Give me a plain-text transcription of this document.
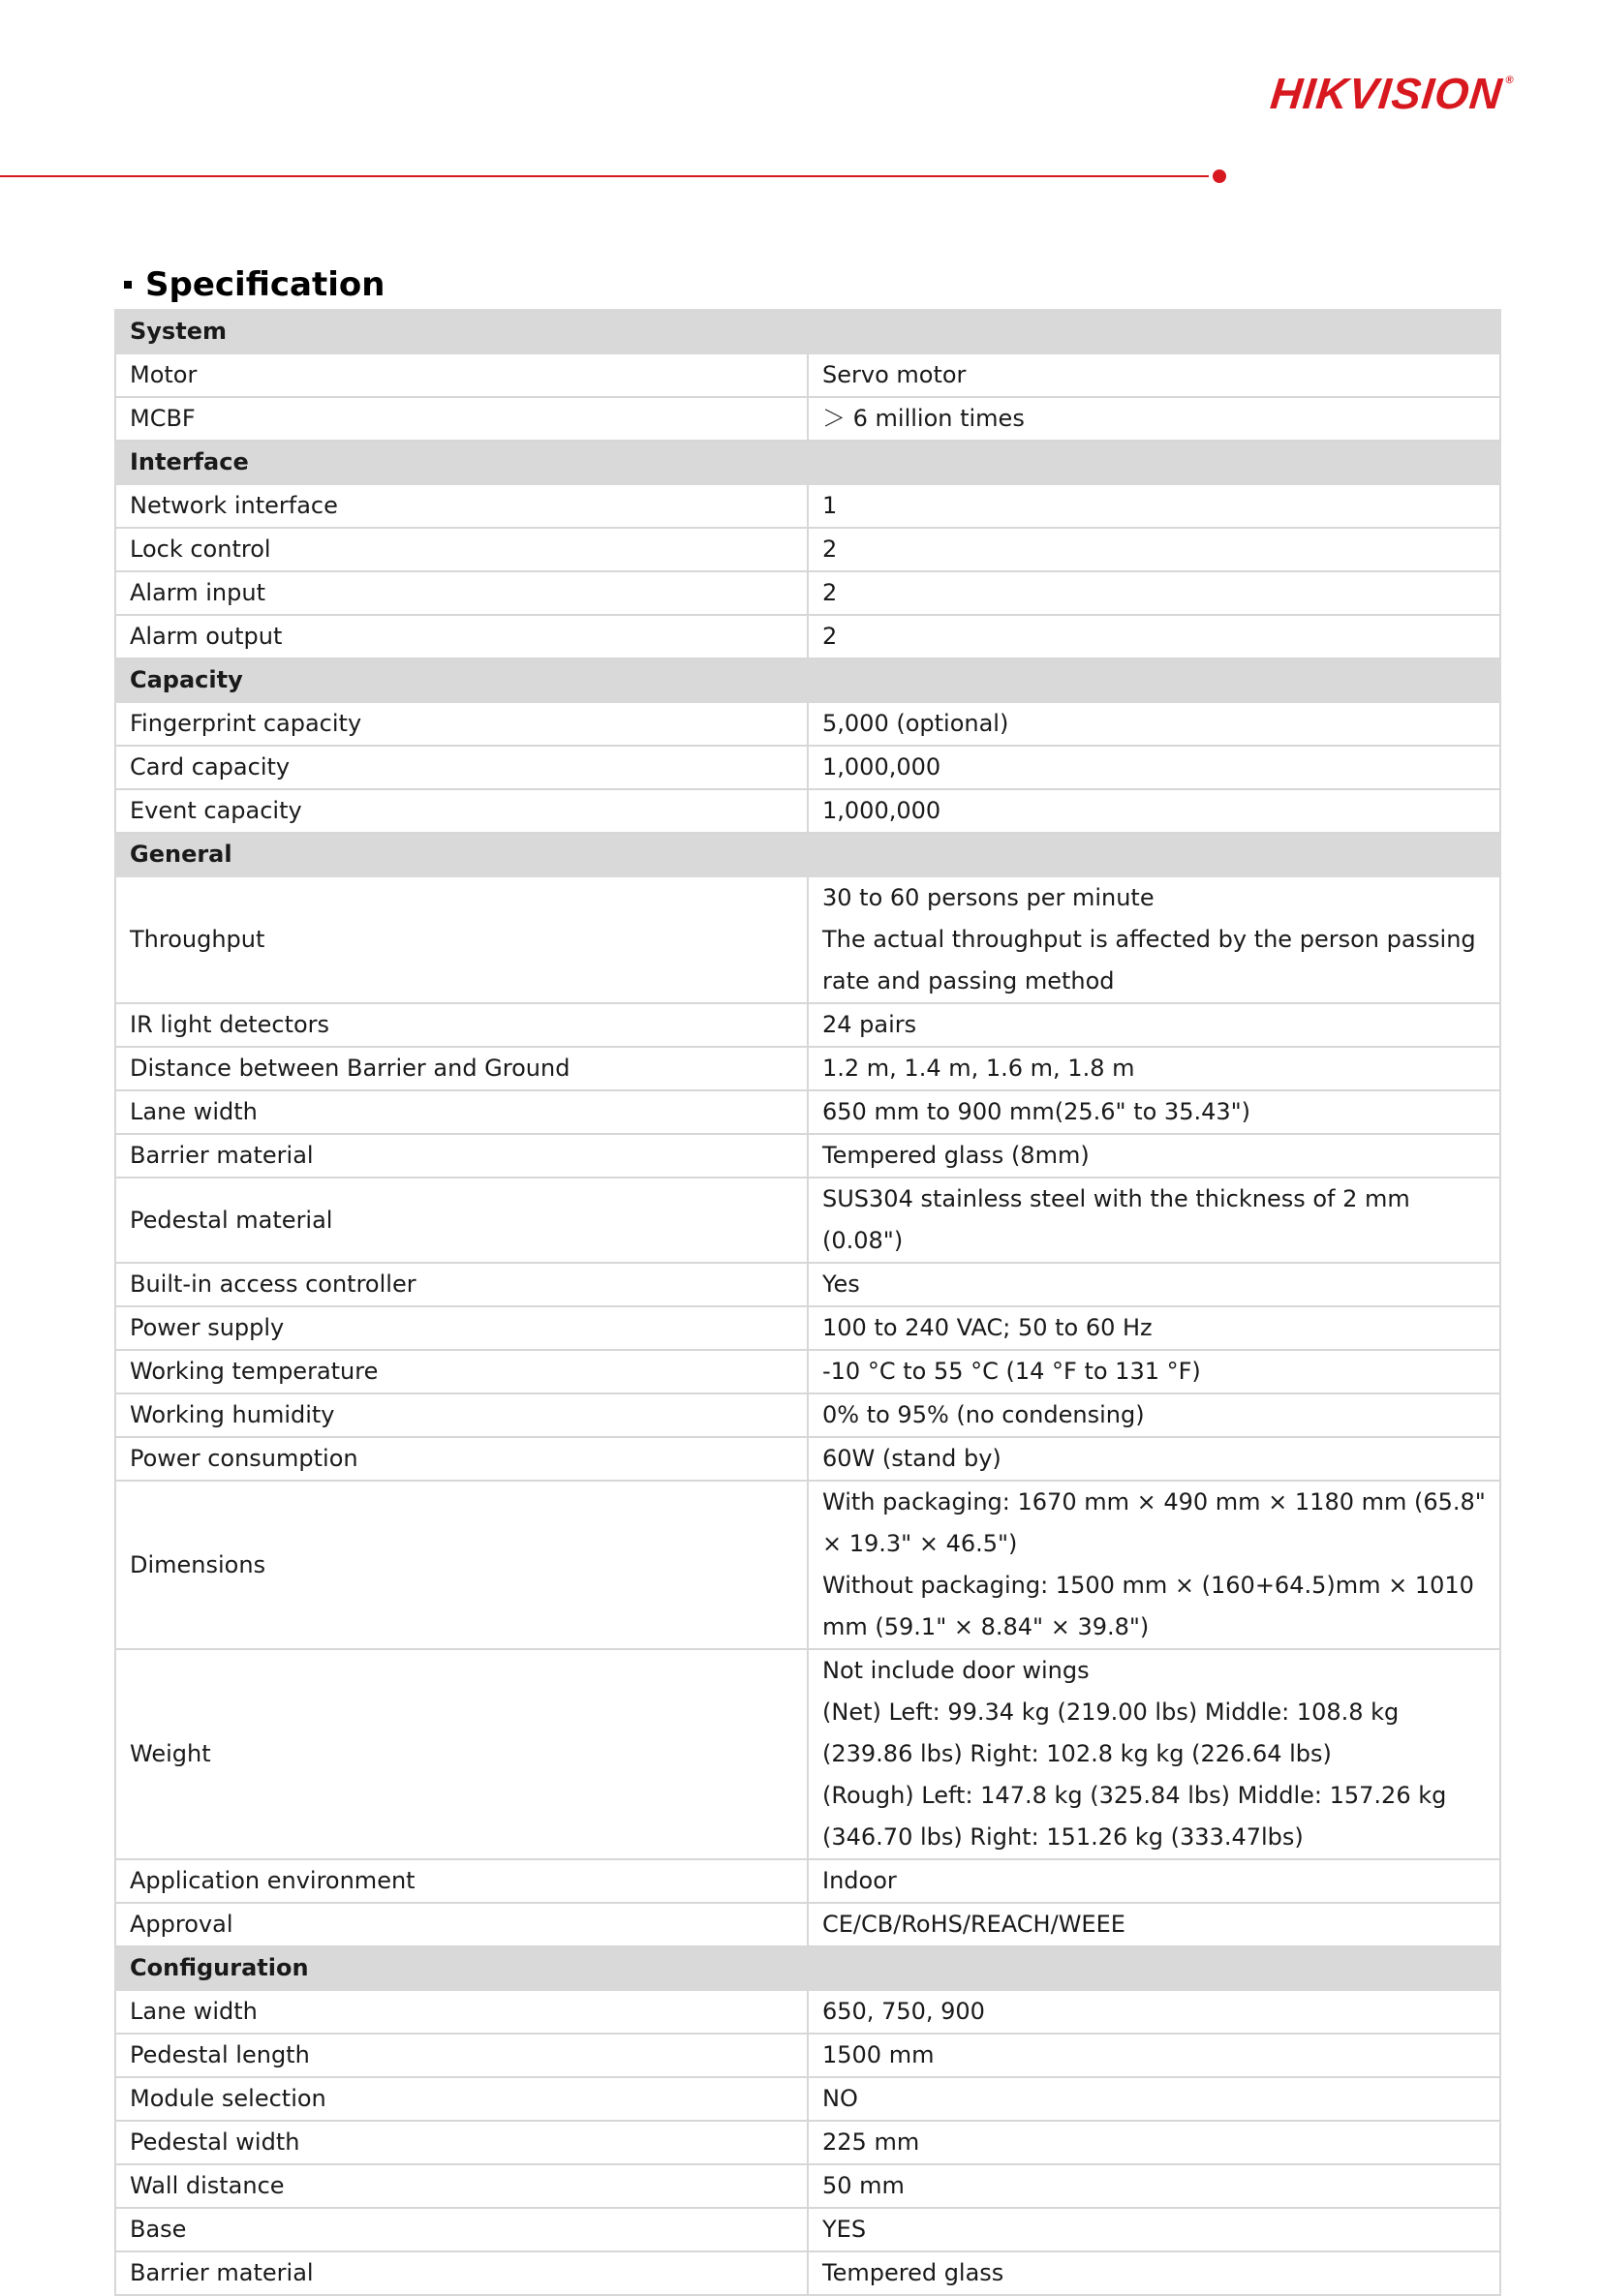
HIKVISION®
Specification
System	
Motor	Servo motor

MCBF	＞ 6 million times

Interface	
Network interface	1

Lock control	2

Alarm input	2

Alarm output	2

Capacity	
Fingerprint capacity	5,000 (optional)

Card capacity	1,000,000

Event capacity	1,000,000

General	
Throughput	30 to 60 persons per minute
The actual throughput is affected by the person passing rate and passing method

IR light detectors	24 pairs

Distance between Barrier and Ground	1.2 m, 1.4 m, 1.6 m, 1.8 m

Lane width	650 mm to 900 mm(25.6" to 35.43")

Barrier material	Tempered glass (8mm)

Pedestal material	SUS304 stainless steel with the thickness of 2 mm (0.08")

Built-in access controller	Yes

Power supply	100 to 240 VAC; 50 to 60 Hz

Working temperature	-10 °C to 55 °C (14 °F to 131 °F)

Working humidity	0% to 95% (no condensing)

Power consumption	60W (stand by)

Dimensions	With packaging: 1670 mm × 490 mm × 1180 mm (65.8" × 19.3" × 46.5")
Without packaging: 1500 mm × (160+64.5)mm × 1010 mm (59.1" × 8.84" × 39.8")

Weight	Not include door wings
(Net) Left: 99.34 kg (219.00 lbs) Middle: 108.8 kg (239.86 lbs) Right: 102.8 kg kg (226.64 lbs)
(Rough) Left: 147.8 kg (325.84 lbs) Middle: 157.26 kg (346.70 lbs) Right: 151.26 kg (333.47lbs)

Application environment	Indoor

Approval	CE/CB/RoHS/REACH/WEEE

Configuration	
Lane width	650, 750, 900

Pedestal length	1500 mm

Module selection	NO

Pedestal width	225 mm

Wall distance	50 mm

Base	YES

Barrier material	Tempered glass
